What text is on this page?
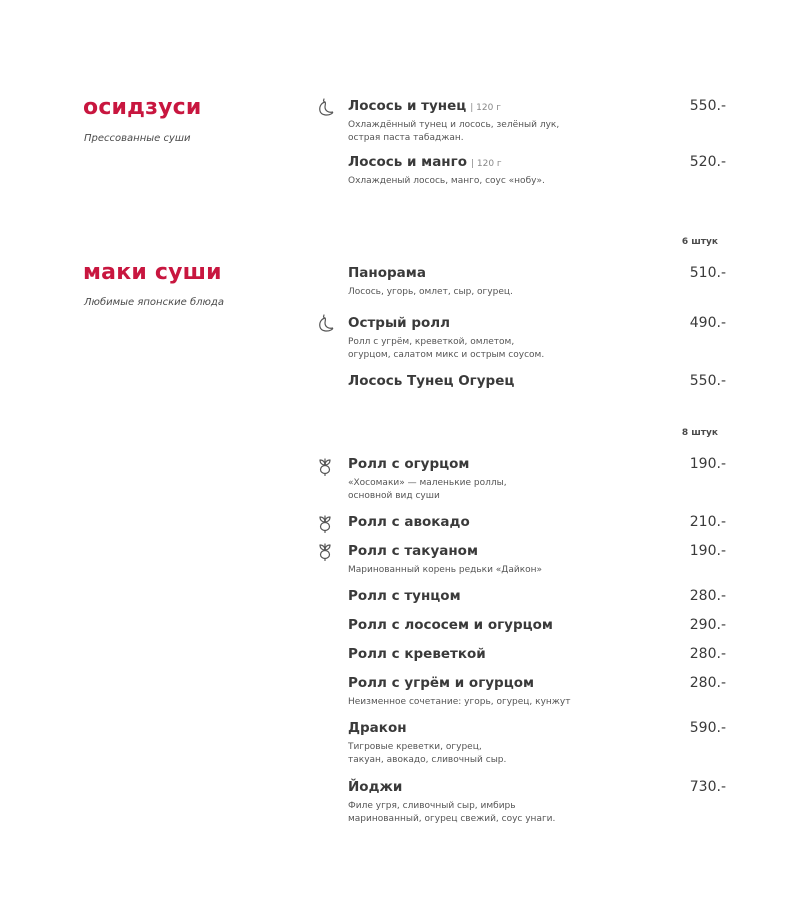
осидзуси
Прессованные суши
Лосось и тунец | 120 г	550.-
Охлаждённый тунец и лосось, зелёный лук,
острая паста табаджан.
Лосось и манго | 120 г	520.-
Охлажденый лосось, манго, соус «нобу».
6 штук
маки суши
Любимые японские блюда
Панорама	510.-
Лосось, угорь, омлет, сыр, огурец.
Острый ролл	490.-
Ролл с угрём, креветкой, омлетом,
огурцом, салатом микс и острым соусом.
Лосось Тунец Огурец	550.-
8 штук
Ролл с огурцом	190.-
«Хосомаки» — маленькие роллы,
основной вид суши
Ролл с авокадо	210.-
Ролл с такуаном	190.-
Маринованный корень редьки «Дайкон»
Ролл с тунцом	280.-
Ролл с лососем и огурцом	290.-
Ролл с креветкой	280.-
Ролл с угрём и огурцом	280.-
Неизменное сочетание: угорь, огурец, кунжут
Дракон	590.-
Тигровые креветки, огурец,
такуан, авокадо, сливочный сыр.
Йоджи	730.-
Филе угря, сливочный сыр, имбирь
маринованный, огурец свежий, соус унаги.
